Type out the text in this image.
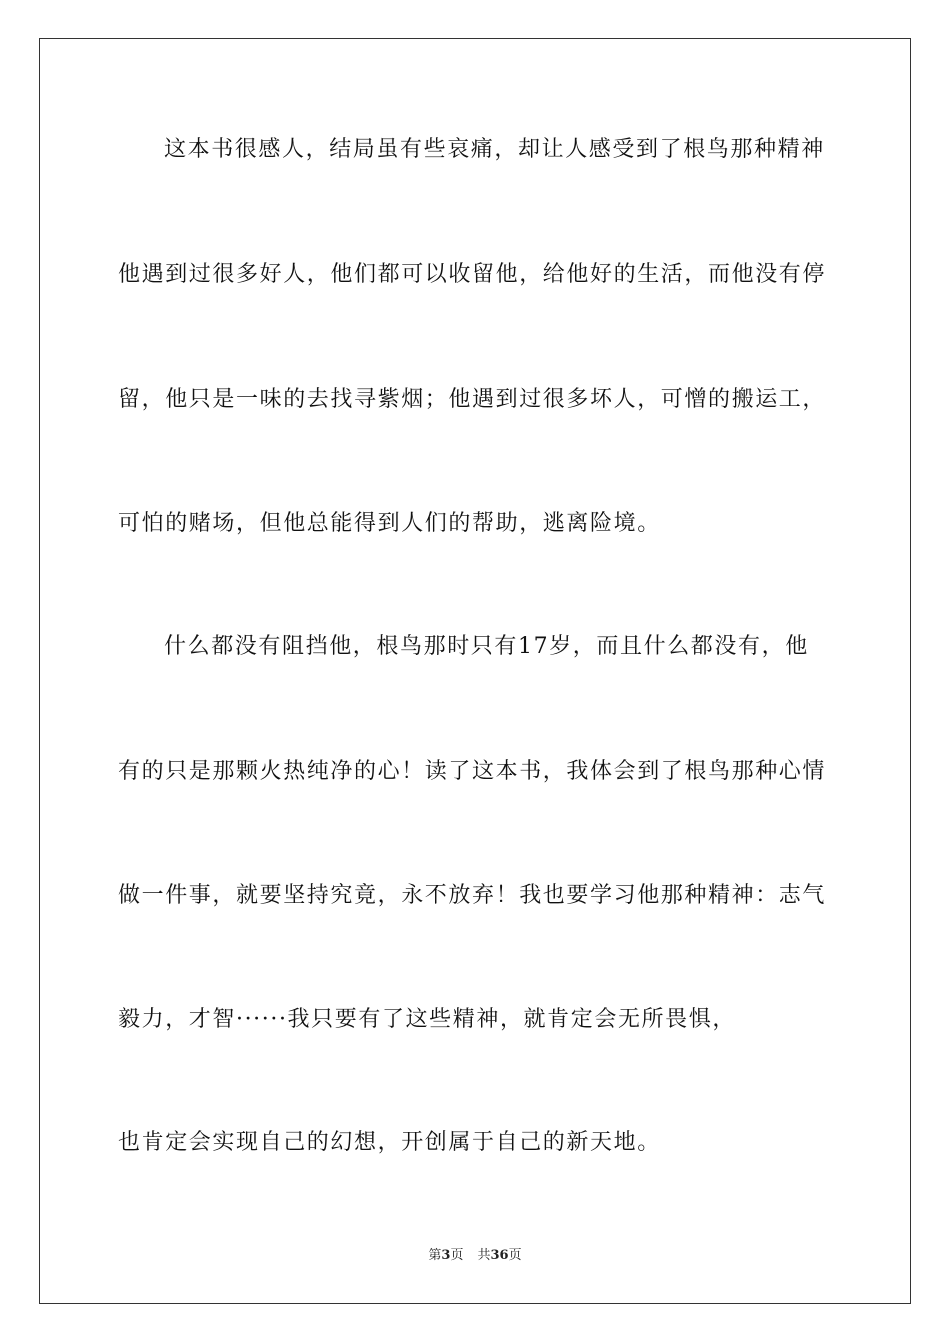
这本书很感人，结局虽有些哀痛，却让人感受到了根鸟那种精神
他遇到过很多好人，他们都可以收留他，给他好的生活，而他没有停
留，他只是一味的去找寻紫烟；他遇到过很多坏人，可憎的搬运工，
可怕的赌场，但他总能得到人们的帮助，逃离险境。
什么都没有阻挡他，根鸟那时只有17岁，而且什么都没有，他
有的只是那颗火热纯净的心！读了这本书，我体会到了根鸟那种心情
做一件事，就要坚持究竟，永不放弃！我也要学习他那种精神：志气
毅力，才智······我只要有了这些精神，就肯定会无所畏惧，
也肯定会实现自己的幻想，开创属于自己的新天地。
第3页 共36页
